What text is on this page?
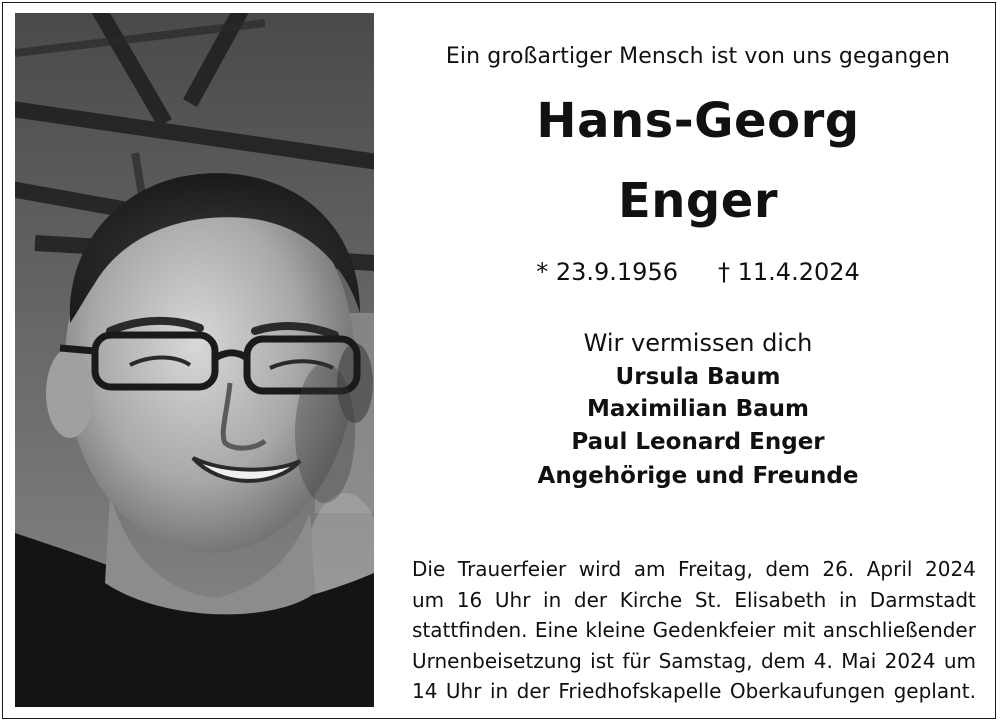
Ein großartiger Mensch ist von uns gegangen
Hans-Georg
Enger
* 23.9.1956 † 11.4.2024
Wir vermissen dich
Ursula Baum
Maximilian Baum
Paul Leonard Enger
Angehörige und Freunde
Die Trauerfeier wird am Freitag, dem 26. April 2024
um 16 Uhr in der Kirche St. Elisabeth in Darmstadt
stattfinden. Eine kleine Gedenkfeier mit anschließender
Urnenbeisetzung ist für Samstag, dem 4. Mai 2024 um
14 Uhr in der Friedhofskapelle Oberkaufungen geplant.
